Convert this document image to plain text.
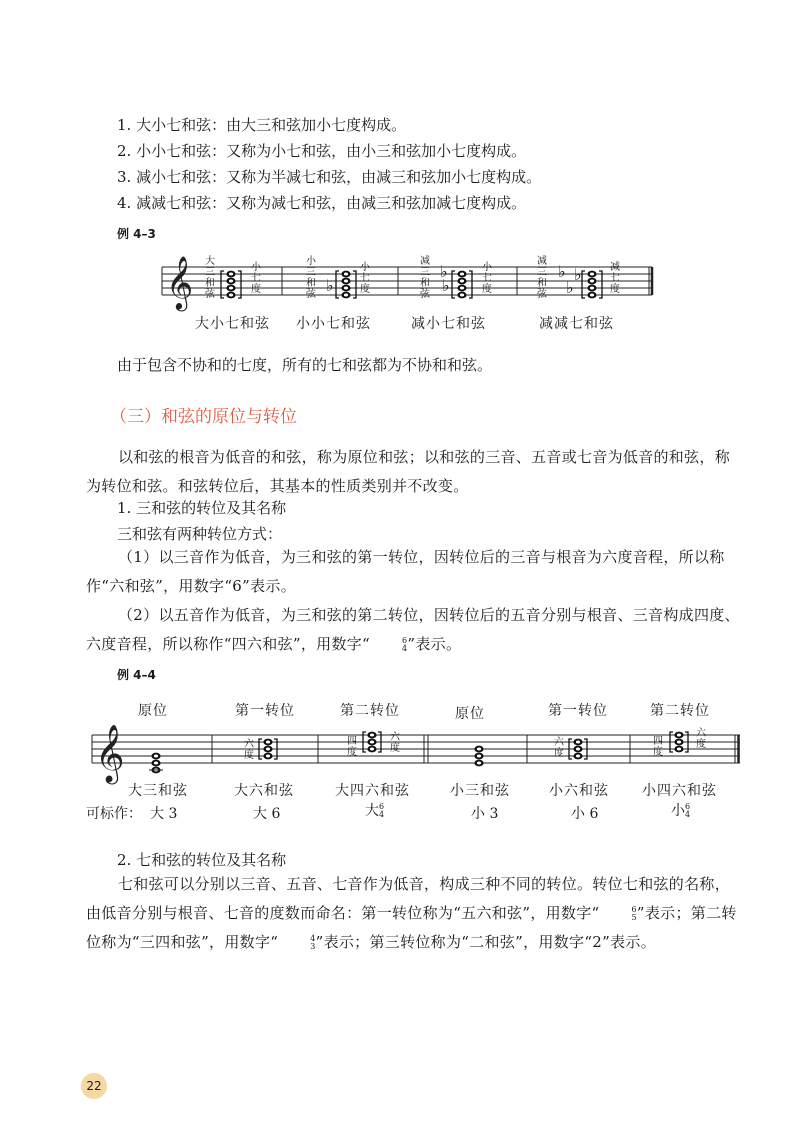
1. 大小七和弦：由大三和弦加小七度构成。
2. 小小七和弦：又称为小七和弦，由小三和弦加小七度构成。
3. 减小七和弦：又称为半减七和弦，由减三和弦加小七度构成。
4. 减减七和弦：又称为减七和弦，由减三和弦加减七度构成。
例 4–3
𝄞	♭	♭
♭
♭
♭
♭
大三和弦
小七度
小三和弦
小七度
减三和弦
小七度
减三和弦
减七度
大小七和弦 小小七和弦	减小七和弦	减减七和弦
由于包含不协和的七度，所有的七和弦都为不协和和弦。
（三）和弦的原位与转位
以和弦的根音为低音的和弦，称为原位和弦；以和弦的三音、五音或七音为低音的和弦，称为转位和弦。和弦转位后，其基本的性质类别并不改变。
1. 三和弦的转位及其名称
三和弦有两种转位方式：
（1）以三音作为低音，为三和弦的第一转位，因转位后的三音与根音为六度音程，所以称作“六和弦”，用数字“6”表示。
（2）以五音作为低音，为三和弦的第二转位，因转位后的五音分别与根音、三音构成四度、六度音程，所以称作“四六和弦”，用数字“	6
4 ”表示。
例 4–4
原位	第一转位	第二转位	原位	第一转位	第二转位
𝄞	六度
四度
六度
六度
四度
六度
大三和弦	大六和弦	大四六和弦	小三和弦	小六和弦 小四六和弦
可标作： 大 3	大 6	大 6
4	小 3	小 6	小 6
4
2. 七和弦的转位及其名称
七和弦可以分别以三音、五音、七音作为低音，构成三种不同的转位。转位七和弦的名称，由低音分别与根音、七音的度数而命名：第一转位称为“五六和弦”，用数字“	6
5 ”表示；第二转位称为“三四和弦”，用数字“	4
3 ”表示；第三转位称为“二和弦”，用数字“2”表示。
22
